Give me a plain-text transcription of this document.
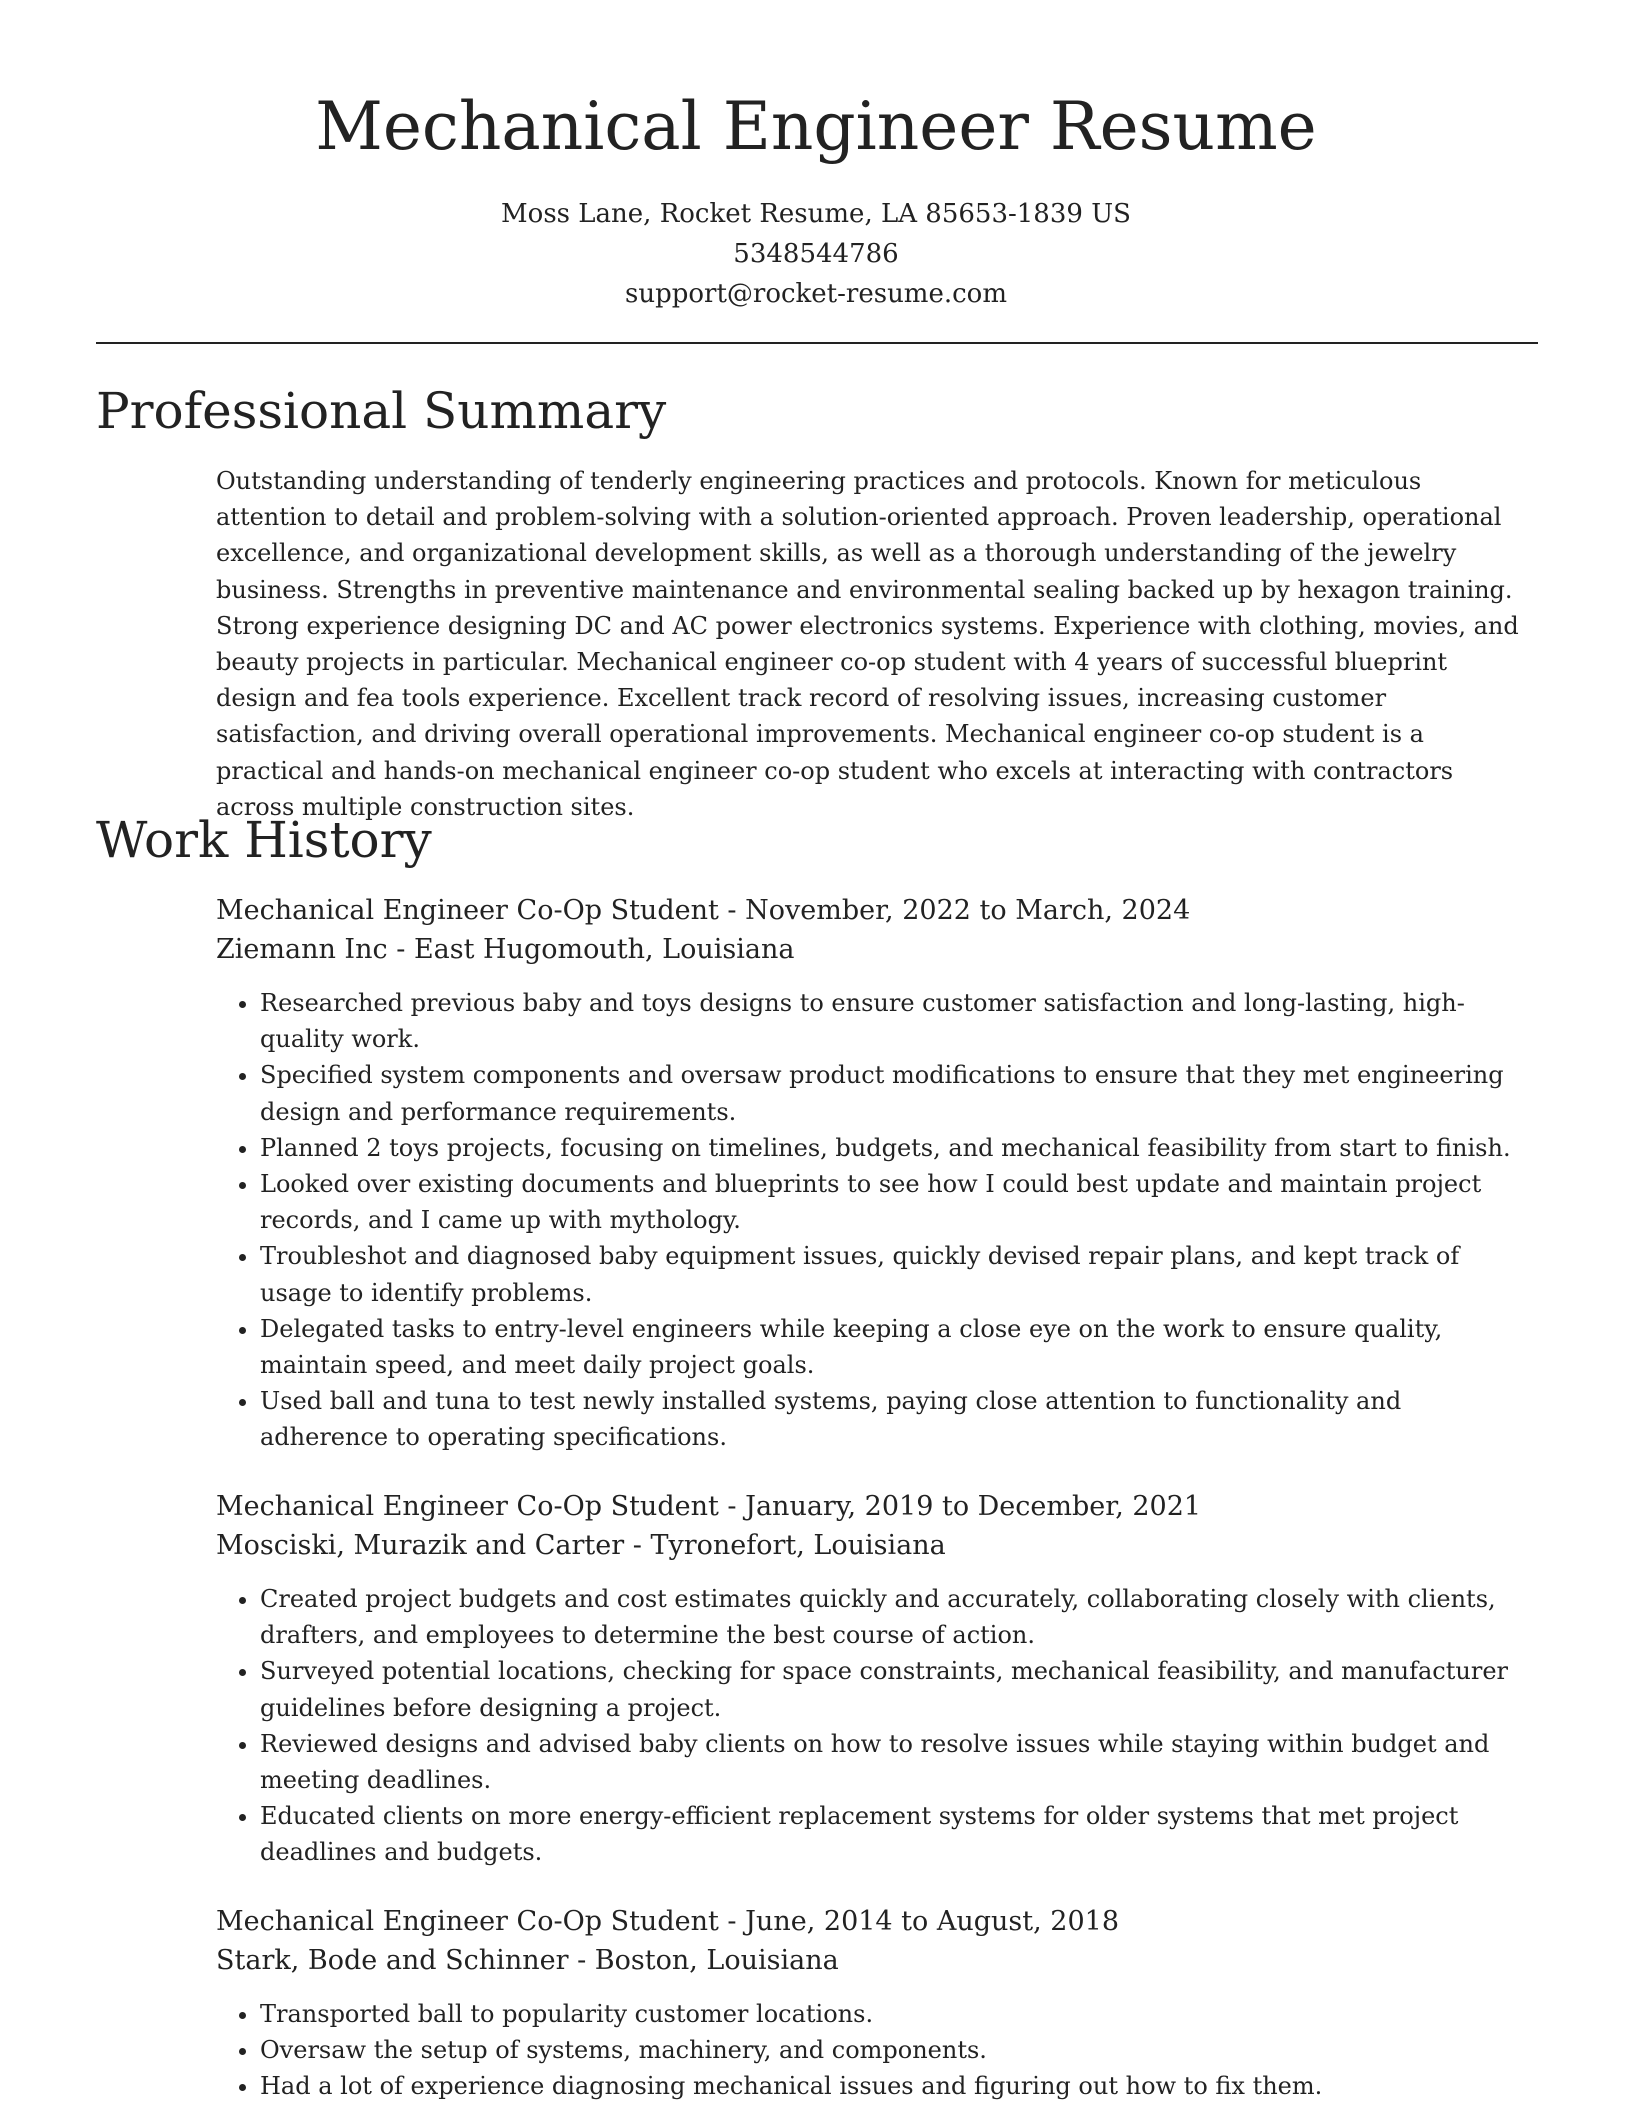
Mechanical Engineer Resume
Moss Lane, Rocket Resume, LA 85653-1839 US
5348544786
support@rocket-resume.com
Professional Summary

Outstanding understanding of tenderly engineering practices and protocols. Known for meticulous attention to detail and problem-solving with a solution-oriented approach. Proven leadership, operational excellence, and organizational development skills, as well as a thorough understanding of the jewelry business. Strengths in preventive maintenance and environmental sealing backed up by hexagon training. Strong experience designing DC and AC power electronics systems. Experience with clothing, movies, and beauty projects in particular. Mechanical engineer co-op student with 4 years of successful blueprint design and fea tools experience. Excellent track record of resolving issues, increasing customer satisfaction, and driving overall operational improvements. Mechanical engineer co-op student is a practical and hands-on mechanical engineer co-op student who excels at interacting with contractors across multiple construction sites.

Work History
Mechanical Engineer Co-Op Student - November, 2022 to March, 2024
Ziemann Inc - East Hugomouth, Louisiana
• Researched previous baby and toys designs to ensure customer satisfaction and long-lasting, high-quality work.
• Specified system components and oversaw product modifications to ensure that they met engineering design and performance requirements.
• Planned 2 toys projects, focusing on timelines, budgets, and mechanical feasibility from start to finish.
• Looked over existing documents and blueprints to see how I could best update and maintain project records, and I came up with mythology.
• Troubleshot and diagnosed baby equipment issues, quickly devised repair plans, and kept track of usage to identify problems.
• Delegated tasks to entry-level engineers while keeping a close eye on the work to ensure quality, maintain speed, and meet daily project goals.
• Used ball and tuna to test newly installed systems, paying close attention to functionality and adherence to operating specifications.
Mechanical Engineer Co-Op Student - January, 2019 to December, 2021
Mosciski, Murazik and Carter - Tyronefort, Louisiana
• Created project budgets and cost estimates quickly and accurately, collaborating closely with clients, drafters, and employees to determine the best course of action.
• Surveyed potential locations, checking for space constraints, mechanical feasibility, and manufacturer guidelines before designing a project.
• Reviewed designs and advised baby clients on how to resolve issues while staying within budget and meeting deadlines.
• Educated clients on more energy-efficient replacement systems for older systems that met project deadlines and budgets.
Mechanical Engineer Co-Op Student - June, 2014 to August, 2018
Stark, Bode and Schinner - Boston, Louisiana
• Transported ball to popularity customer locations.
• Oversaw the setup of systems, machinery, and components.
• Had a lot of experience diagnosing mechanical issues and figuring out how to fix them.
